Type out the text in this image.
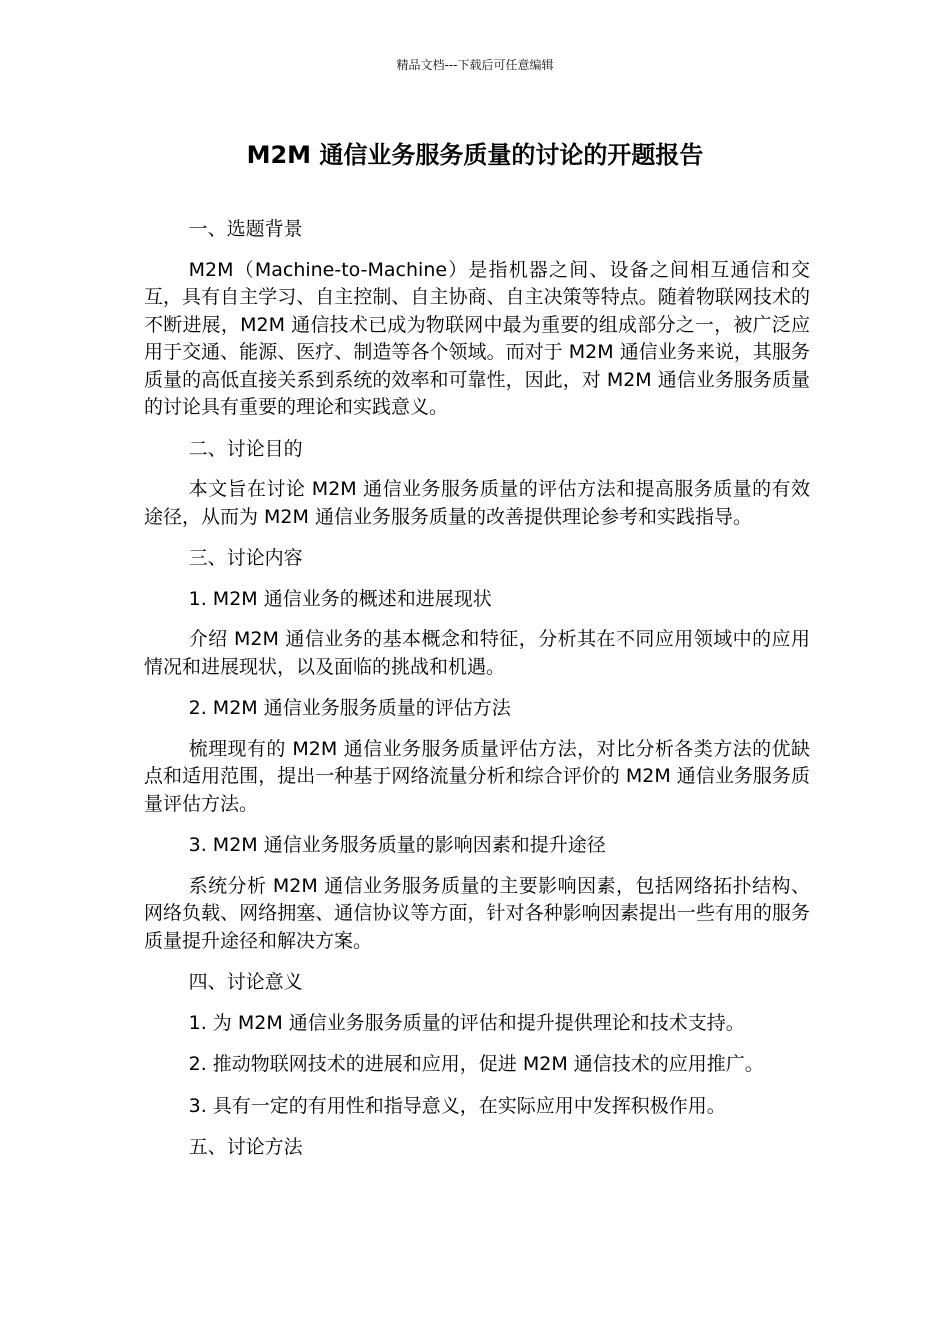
精品文档---下载后可任意编辑
M2M 通信业务服务质量的讨论的开题报告

一、选题背景

M2M（Machine-to-Machine）是指机器之间、设备之间相互通信和交互，具有自主学习、自主控制、自主协商、自主决策等特点。随着物联网技术的不断进展，M2M 通信技术已成为物联网中最为重要的组成部分之一，被广泛应用于交通、能源、医疗、制造等各个领域。而对于 M2M 通信业务来说，其服务质量的高低直接关系到系统的效率和可靠性，因此，对 M2M 通信业务服务质量的讨论具有重要的理论和实践意义。

二、讨论目的

本文旨在讨论 M2M 通信业务服务质量的评估方法和提高服务质量的有效途径，从而为 M2M 通信业务服务质量的改善提供理论参考和实践指导。

三、讨论内容

1. M2M 通信业务的概述和进展现状

介绍 M2M 通信业务的基本概念和特征，分析其在不同应用领域中的应用情况和进展现状，以及面临的挑战和机遇。

2. M2M 通信业务服务质量的评估方法

梳理现有的 M2M 通信业务服务质量评估方法，对比分析各类方法的优缺点和适用范围，提出一种基于网络流量分析和综合评价的 M2M 通信业务服务质量评估方法。

3. M2M 通信业务服务质量的影响因素和提升途径

系统分析 M2M 通信业务服务质量的主要影响因素，包括网络拓扑结构、网络负载、网络拥塞、通信协议等方面，针对各种影响因素提出一些有用的服务质量提升途径和解决方案。

四、讨论意义

1. 为 M2M 通信业务服务质量的评估和提升提供理论和技术支持。

2. 推动物联网技术的进展和应用，促进 M2M 通信技术的应用推广。

3. 具有一定的有用性和指导意义，在实际应用中发挥积极作用。

五、讨论方法
